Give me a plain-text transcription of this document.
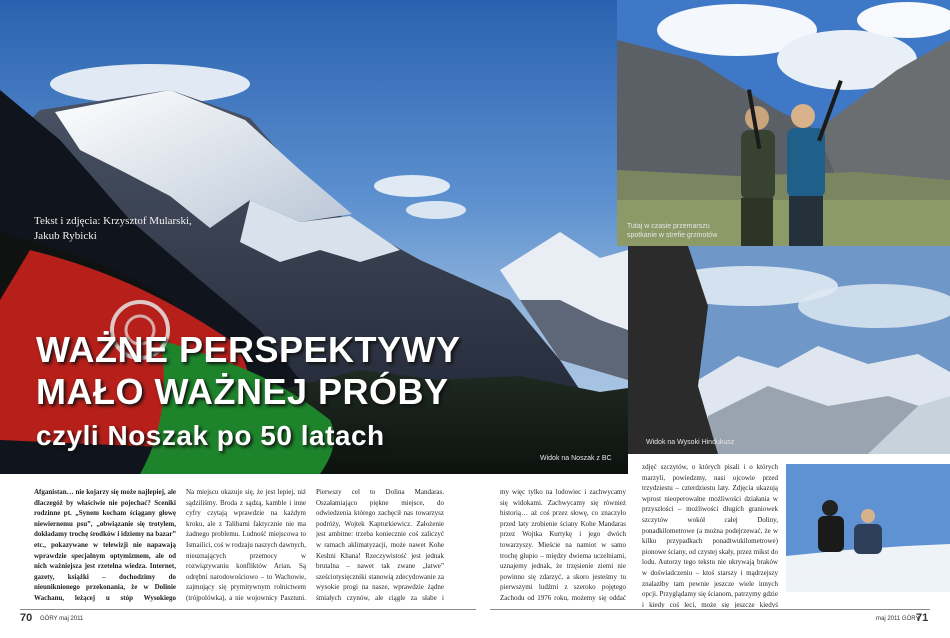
Tekst i zdjęcia: Krzysztof Mularski,
Jakub Rybicki
WAŻNE PERSPEKTYWY
MAŁO WAŻNEJ PRÓBY
czyli Noszak po 50 latach
Widok na Noszak z BC
Tutaj w czasie przemarszu
spotkanie w strefie grzmotów
Widok na Wysoki Hindukusz
Krzysztof Mularski w drodze
do C1 na Noszak
Afganistan… nie kojarzy się może najlepiej, ale dlaczegóż by właściwie nie pojechać? Sceniki rodzinne pt. „Synem kocham ściągany głowę niewiernemu psu”, „obwiązanie się trotylem, dokładamy trochę środków i idziemy na bazar” etc., pokazywane w telewizji nie napawają wprawdzie specjalnym optymizmem, ale od nich ważniejsza jest rzetelna wiedza. Internet, gazety, książki – dochodzimy do nieuniknionego przekonania, że w Dolinie Wachanu, leżącej u stóp Wysokiego
Na miejscu okazuje się, że jest lepiej, niż sądziliśmy. Broda z sądzą, kamble i inne cyfry czytają wprawdzie na każdym kroku, ale z Talibami faktycznie nie ma żadnego problemu. Ludność miejscowa to Ismailici, coś w rodzaju naszych dawnych, nieuznających przemocy w rozwiązywaniu konfliktów Arian. Są odrębni narodowościowo – to Wachowie, zajmujący się prymitywnym rolnictwem (trójpolówka), a nie wojownicy Pasztuni.
Pierwszy cel to Dolina Mandaras. Oszałamiająco piękne miejsce, do odwiedzenia którego zachęcił nas towarzysz podróży, Wojtek Kapturkiewicz. Założenie jest ambitne: trzeba koniecznie coś zaliczyć w ramach aklimatyzacji, może nawet Kohe Keshni Khana! Rzeczywistość jest jednak brutalna – nawet tak zwane „łatwe” sześciotysięczniki stanowią zdecydowanie za wysokie progi na nasze, wprawdzie żądne śmiałych czynów, ale ciągle za słabe i
my więc tylko na lodowiec i zachwycamy się widokami. Zachwycamy się również historią… aż coś przez słowę, co znaczyło przed laty zrobienie ściany Kohe Mandaras przez Wojtka Kurtykę i jego dwóch towarzyszy. Mieście na namiot w samo trochę głupio – między dwiema uczelniami, uznajemy jednak, że trzęsienie ziemi nie powinno się zdarzyć, a skoro jesteśmy tu pierwszymi ludźmi z szeroko pojętego Zachodu od 1976 roku, możemy się oddać
zdjęć szczytów, o których pisali i o których marzyli, powiedzmy, nasi ojcowie przed trzydziestu – czterdziestu laty. Zdjęcia ukazują wprost nieoperowalne możliwości działania w przyszłości – możliwości długich graniowek szczytów wokół całej Doliny, ponadkilometrowe (a można podejrzewać, że w kilku przypadkach ponadtwukilometrowe) pionowe ściany, od czystej skały, przez mikst do lodu. Autorzy tego tekstu nie ukrywają braków w doświadczeniu – ktoś starszy i mądrzejszy znalazłby tam pewnie jeszcze wiele innych opcji. Przyglądamy się ścianom, patrzymy gdzie i kiedy coś leci, może się jeszcze kiedyś
70 GÓRY maj 2011	maj 2011 GÓRY
71
